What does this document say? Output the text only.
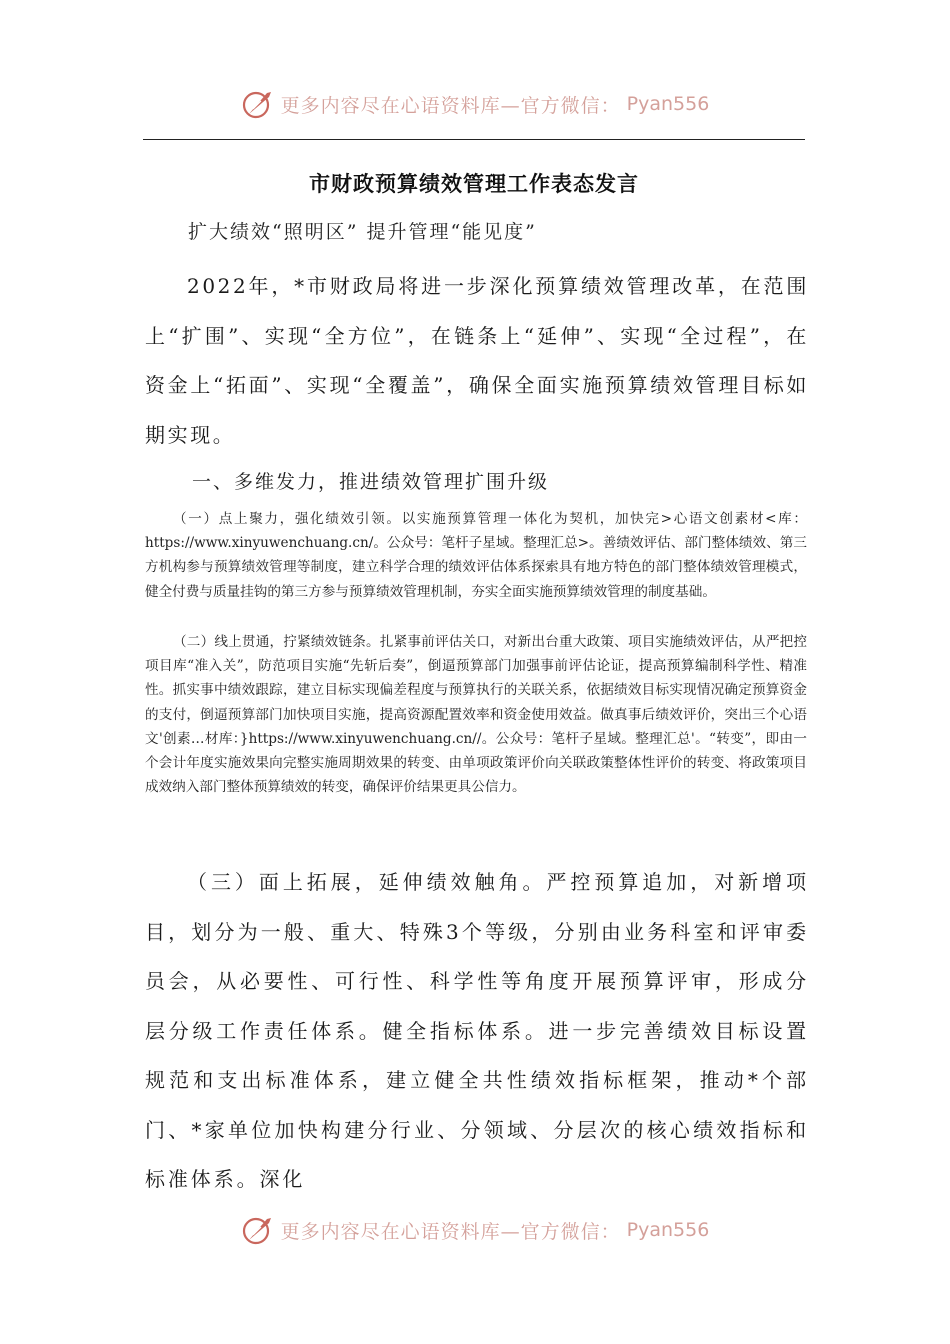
更多内容尽在心语资料库—官方微信： Pyan556
市财政预算绩效管理工作表态发言
扩大绩效“照明区” 提升管理“能见度”

2022年，*市财政局将进一步深化预算绩效管理改革，在范围上“扩围”、实现“全方位”，在链条上“延伸”、实现“全过程”，在资金上“拓面”、实现“全覆盖”，确保全面实施预算绩效管理目标如期实现。

一、多维发力，推进绩效管理扩围升级

（一）点上聚力，强化绩效引领。以实施预算管理一体化为契机，加快完>心语文创素材<库：https://www.xinyuwenchuang.cn/。公众号：笔杆子星域。整理汇总>。善绩效评估、部门整体绩效、第三方机构参与预算绩效管理等制度，建立科学合理的绩效评估体系探索具有地方特色的部门整体绩效管理模式，健全付费与质量挂钩的第三方参与预算绩效管理机制，夯实全面实施预算绩效管理的制度基础。

（二）线上贯通，拧紧绩效链条。扎紧事前评估关口，对新出台重大政策、项目实施绩效评估，从严把控项目库“准入关”，防范项目实施“先斩后奏”，倒逼预算部门加强事前评估论证，提高预算编制科学性、精准性。抓实事中绩效跟踪，建立目标实现偏差程度与预算执行的关联关系，依据绩效目标实现情况确定预算资金的支付，倒逼预算部门加快项目实施，提高资源配置效率和资金使用效益。做真事后绩效评价，突出三个心语文'创素…材库：}https://www.xinyuwenchuang.cn//。公众号：笔杆子星域。整理汇总'。“转变”，即由一个会计年度实施效果向完整实施周期效果的转变、由单项政策评价向关联政策整体性评价的转变、将政策项目成效纳入部门整体预算绩效的转变，确保评价结果更具公信力。

（三）面上拓展，延伸绩效触角。严控预算追加，对新增项目，划分为一般、重大、特殊3个等级，分别由业务科室和评审委员会，从必要性、可行性、科学性等角度开展预算评审，形成分层分级工作责任体系。健全指标体系。进一步完善绩效目标设置规范和支出标准体系，建立健全共性绩效指标框架，推动*个部门、*家单位加快构建分行业、分领域、分层次的核心绩效指标和标准体系。深化

更多内容尽在心语资料库—官方微信： Pyan556
